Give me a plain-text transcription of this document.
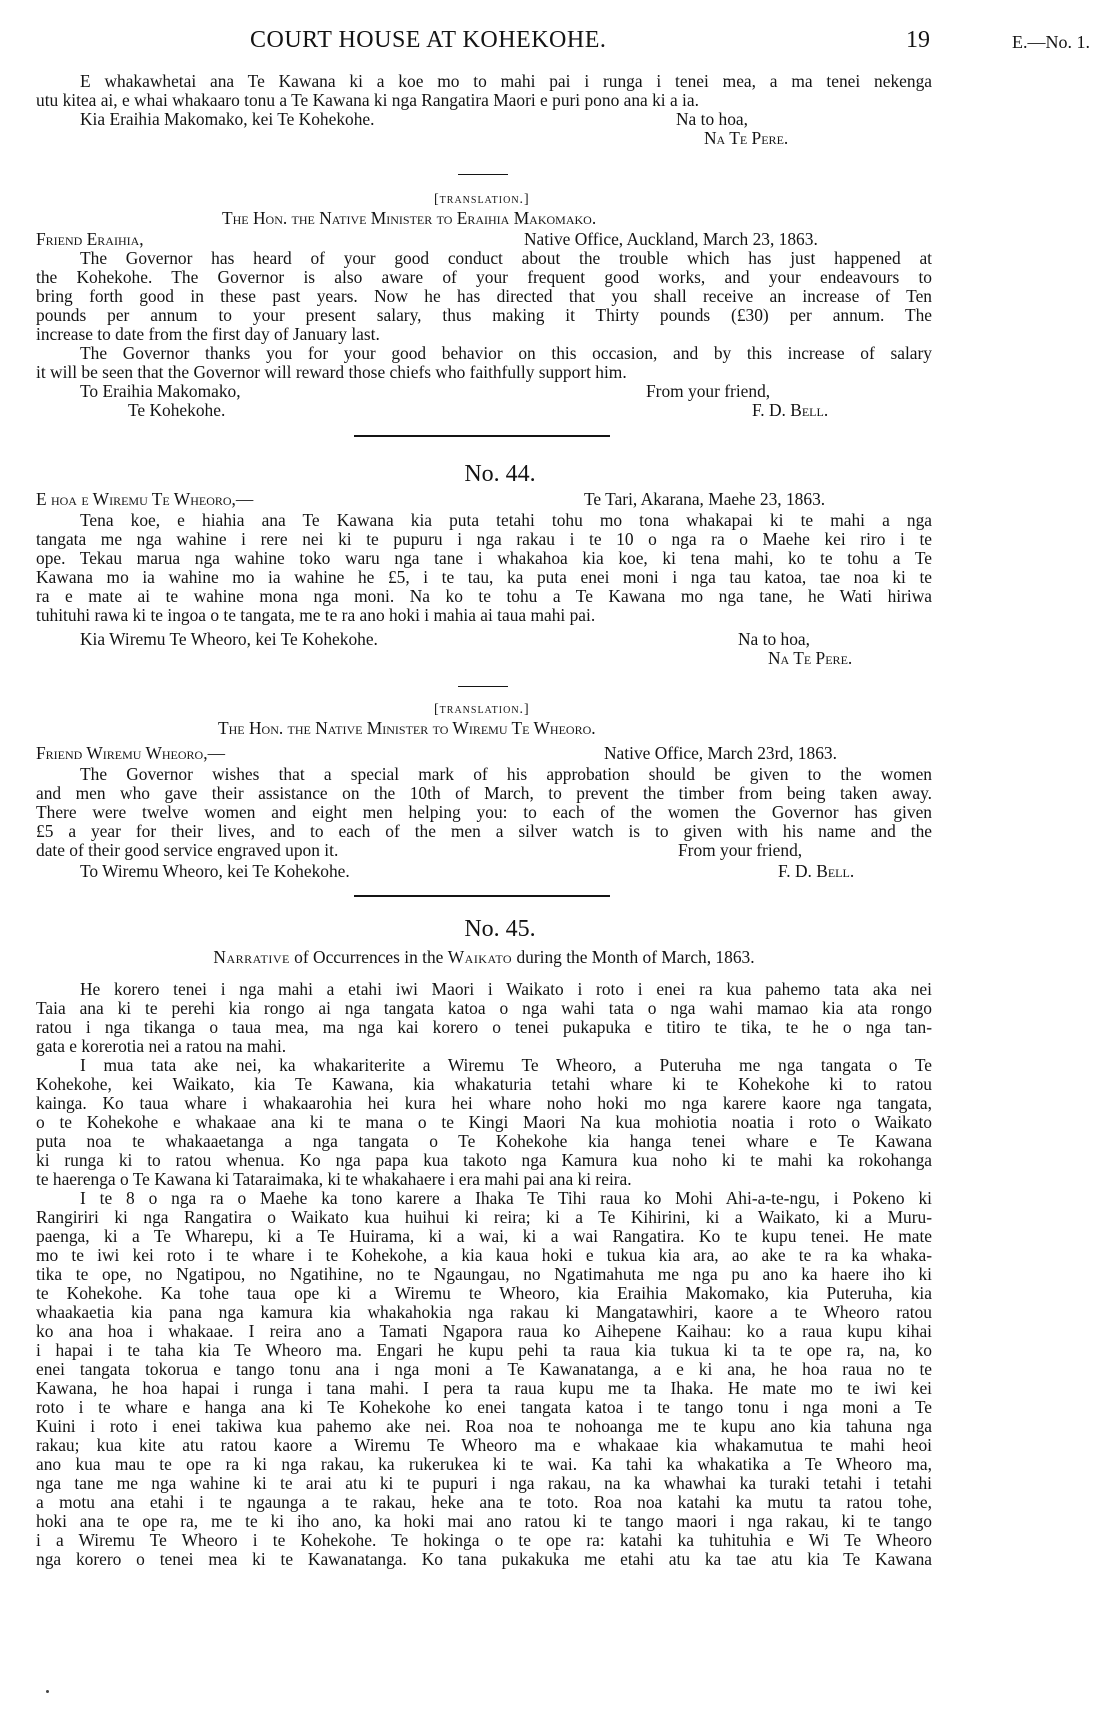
COURT HOUSE AT KOHEKOHE.	19	E.—No. 1.
E whakawhetai ana Te Kawana ki a koe mo to mahi pai i runga i tenei mea, a ma tenei nekenga
utu kitea ai, e whai whakaaro tonu a Te Kawana ki nga Rangatira Maori e puri pono ana ki a ia.
Kia Eraihia Makomako, kei Te Kohekohe.	Na to hoa,
Na Te Pere.
[translation.]
The Hon. the Native Minister to Eraihia Makomako.
Friend Eraihia,	Native Office, Auckland, March 23, 1863.
The Governor has heard of your good conduct about the trouble which has just happened at
the Kohekohe. The Governor is also aware of your frequent good works, and your endeavours to
bring forth good in these past years. Now he has directed that you shall receive an increase of Ten
pounds per annum to your present salary, thus making it Thirty pounds (£30) per annum. The
increase to date from the first day of January last.
The Governor thanks you for your good behavior on this occasion, and by this increase of salary
it will be seen that the Governor will reward those chiefs who faithfully support him.
To Eraihia Makomako,	From your friend,
Te Kohekohe.	F. D. Bell.
No. 44.
E hoa e Wiremu Te Wheoro,—	Te Tari, Akarana, Maehe 23, 1863.
Tena koe, e hiahia ana Te Kawana kia puta tetahi tohu mo tona whakapai ki te mahi a nga
tangata me nga wahine i rere nei ki te pupuru i nga rakau i te 10 o nga ra o Maehe kei riro i te
ope. Tekau marua nga wahine toko waru nga tane i whakahoa kia koe, ki tena mahi, ko te tohu a Te
Kawana mo ia wahine mo ia wahine he £5, i te tau, ka puta enei moni i nga tau katoa, tae noa ki te
ra e mate ai te wahine mona nga moni. Na ko te tohu a Te Kawana mo nga tane, he Wati hiriwa
tuhituhi rawa ki te ingoa o te tangata, me te ra ano hoki i mahia ai taua mahi pai.
Kia Wiremu Te Wheoro, kei Te Kohekohe.	Na to hoa,
Na Te Pere.
[translation.]
The Hon. the Native Minister to Wiremu Te Wheoro.
Friend Wiremu Wheoro,—	Native Office, March 23rd, 1863.
The Governor wishes that a special mark of his approbation should be given to the women
and men who gave their assistance on the 10th of March, to prevent the timber from being taken away.
There were twelve women and eight men helping you: to each of the women the Governor has given
£5 a year for their lives, and to each of the men a silver watch is to given with his name and the
date of their good service engraved upon it.	From your friend,
To Wiremu Wheoro, kei Te Kohekohe.	F. D. Bell.
No. 45.
Narrative of Occurrences in the Waikato during the Month of March, 1863.
He korero tenei i nga mahi a etahi iwi Maori i Waikato i roto i enei ra kua pahemo tata aka nei
Taia ana ki te perehi kia rongo ai nga tangata katoa o nga wahi tata o nga wahi mamao kia ata rongo
ratou i nga tikanga o taua mea, ma nga kai korero o tenei pukapuka e titiro te tika, te he o nga tan-
gata e korerotia nei a ratou na mahi.
I mua tata ake nei, ka whakariterite a Wiremu Te Wheoro, a Puteruha me nga tangata o Te
Kohekohe, kei Waikato, kia Te Kawana, kia whakaturia tetahi whare ki te Kohekohe ki to ratou
kainga. Ko taua whare i whakaarohia hei kura hei whare noho hoki mo nga karere kaore nga tangata,
o te Kohekohe e whakaae ana ki te mana o te Kingi Maori Na kua mohiotia noatia i roto o Waikato
puta noa te whakaaetanga a nga tangata o Te Kohekohe kia hanga tenei whare e Te Kawana
ki runga ki to ratou whenua. Ko nga papa kua takoto nga Kamura kua noho ki te mahi ka rokohanga
te haerenga o Te Kawana ki Tataraimaka, ki te whakahaere i era mahi pai ana ki reira.
I te 8 o nga ra o Maehe ka tono karere a Ihaka Te Tihi raua ko Mohi Ahi-a-te-ngu, i Pokeno ki
Rangiriri ki nga Rangatira o Waikato kua huihui ki reira; ki a Te Kihirini, ki a Waikato, ki a Muru-
paenga, ki a Te Wharepu, ki a Te Huirama, ki a wai, ki a wai Rangatira. Ko te kupu tenei. He mate
mo te iwi kei roto i te whare i te Kohekohe, a kia kaua hoki e tukua kia ara, ao ake te ra ka whaka-
tika te ope, no Ngatipou, no Ngatihine, no te Ngaungau, no Ngatimahuta me nga pu ano ka haere iho ki
te Kohekohe. Ka tohe taua ope ki a Wiremu te Wheoro, kia Eraihia Makomako, kia Puteruha, kia
whaakaetia kia pana nga kamura kia whakahokia nga rakau ki Mangatawhiri, kaore a te Wheoro ratou
ko ana hoa i whakaae. I reira ano a Tamati Ngapora raua ko Aihepene Kaihau: ko a raua kupu kihai
i hapai i te taha kia Te Wheoro ma. Engari he kupu pehi ta raua kia tukua ki ta te ope ra, na, ko
enei tangata tokorua e tango tonu ana i nga moni a Te Kawanatanga, a e ki ana, he hoa raua no te
Kawana, he hoa hapai i runga i tana mahi. I pera ta raua kupu me ta Ihaka. He mate mo te iwi kei
roto i te whare e hanga ana ki Te Kohekohe ko enei tangata katoa i te tango tonu i nga moni a Te
Kuini i roto i enei takiwa kua pahemo ake nei. Roa noa te nohoanga me te kupu ano kia tahuna nga
rakau; kua kite atu ratou kaore a Wiremu Te Wheoro ma e whakaae kia whakamutua te mahi heoi
ano kua mau te ope ra ki nga rakau, ka rukerukea ki te wai. Ka tahi ka whakatika a Te Wheoro ma,
nga tane me nga wahine ki te arai atu ki te pupuri i nga rakau, na ka whawhai ka turaki tetahi i tetahi
a motu ana etahi i te ngaunga a te rakau, heke ana te toto. Roa noa katahi ka mutu ta ratou tohe,
hoki ana te ope ra, me te ki iho ano, ka hoki mai ano ratou ki te tango maori i nga rakau, ki te tango
i a Wiremu Te Wheoro i te Kohekohe. Te hokinga o te ope ra: katahi ka tuhituhia e Wi Te Wheoro
nga korero o tenei mea ki te Kawanatanga. Ko tana pukakuka me etahi atu ka tae atu kia Te Kawana
